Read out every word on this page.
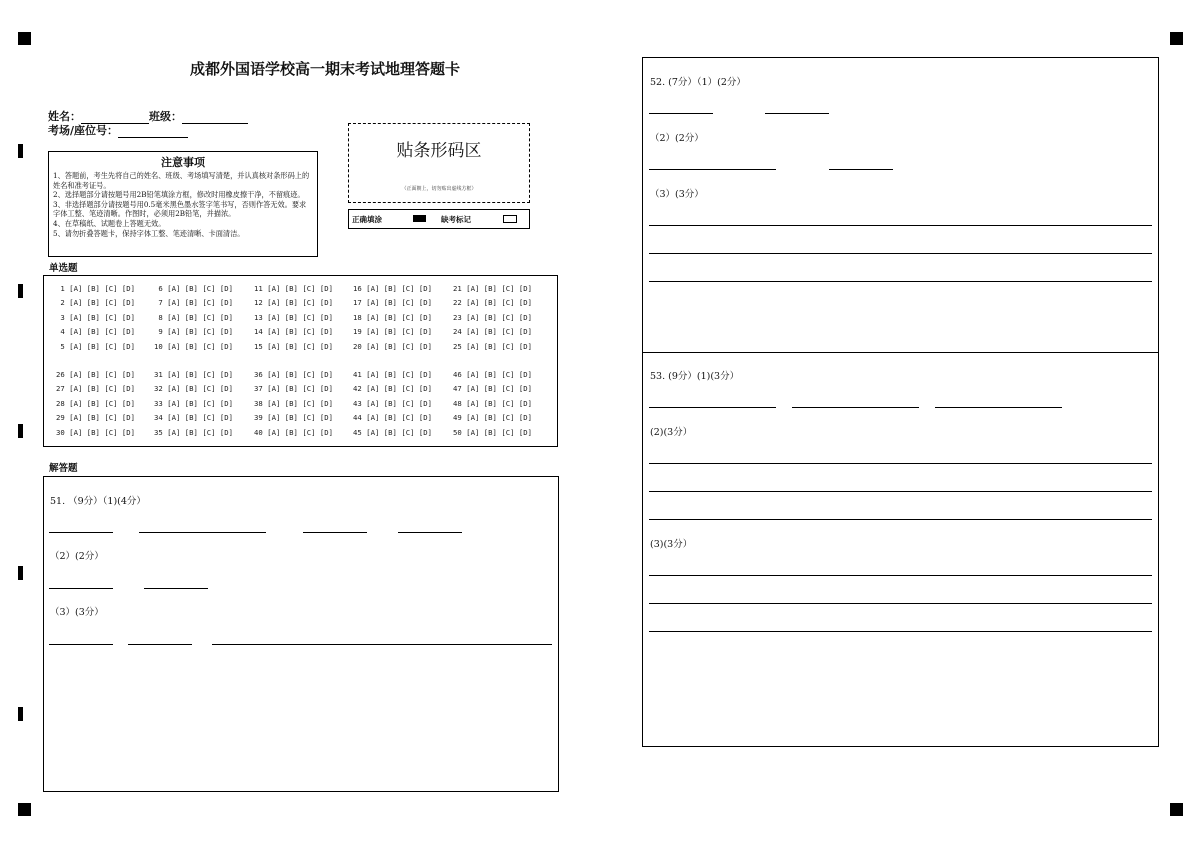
成都外国语学校高一期末考试地理答题卡
姓名：	班级：
考场/座位号：
注意事项

1、答题前，考生先将自己的姓名、班级、考场填写清楚，并认真核对条形码上的姓名和准考证号。

2、选择题部分请按题号用2B铅笔填涂方框，修改时用橡皮擦干净，不留痕迹。

3、非选择题部分请按题号用0.5毫米黑色墨水签字笔书写，否则作答无效。要求字体工整、笔迹清晰。作图时，必须用2B铅笔，并描浓。

4、在草稿纸、试题卷上答题无效。

5、请勿折叠答题卡，保持字体工整、笔迹清晰、卡面清洁。

贴条形码区
（正面朝上，切勿贴出虚线方框）
正确填涂	缺考标记
单选题
1 [A] [B] [C] [D]
2 [A] [B] [C] [D]
3 [A] [B] [C] [D]
4 [A] [B] [C] [D]
5 [A] [B] [C] [D]
6 [A] [B] [C] [D]
7 [A] [B] [C] [D]
8 [A] [B] [C] [D]
9 [A] [B] [C] [D]
10 [A] [B] [C] [D]
11 [A] [B] [C] [D]
12 [A] [B] [C] [D]
13 [A] [B] [C] [D]
14 [A] [B] [C] [D]
15 [A] [B] [C] [D]
16 [A] [B] [C] [D]
17 [A] [B] [C] [D]
18 [A] [B] [C] [D]
19 [A] [B] [C] [D]
20 [A] [B] [C] [D]
21 [A] [B] [C] [D]
22 [A] [B] [C] [D]
23 [A] [B] [C] [D]
24 [A] [B] [C] [D]
25 [A] [B] [C] [D]
26 [A] [B] [C] [D]
27 [A] [B] [C] [D]
28 [A] [B] [C] [D]
29 [A] [B] [C] [D]
30 [A] [B] [C] [D]
31 [A] [B] [C] [D]
32 [A] [B] [C] [D]
33 [A] [B] [C] [D]
34 [A] [B] [C] [D]
35 [A] [B] [C] [D]
36 [A] [B] [C] [D]
37 [A] [B] [C] [D]
38 [A] [B] [C] [D]
39 [A] [B] [C] [D]
40 [A] [B] [C] [D]
41 [A] [B] [C] [D]
42 [A] [B] [C] [D]
43 [A] [B] [C] [D]
44 [A] [B] [C] [D]
45 [A] [B] [C] [D]
46 [A] [B] [C] [D]
47 [A] [B] [C] [D]
48 [A] [B] [C] [D]
49 [A] [B] [C] [D]
50 [A] [B] [C] [D]
解答题
51. （9分）（1)(4分）
（2）(2分）
（3）(3分）
52. (7分）（1）(2分）
（2）(2分）
（3）(3分）
53. (9分）(1)(3分）
(2)(3分）
(3)(3分）
